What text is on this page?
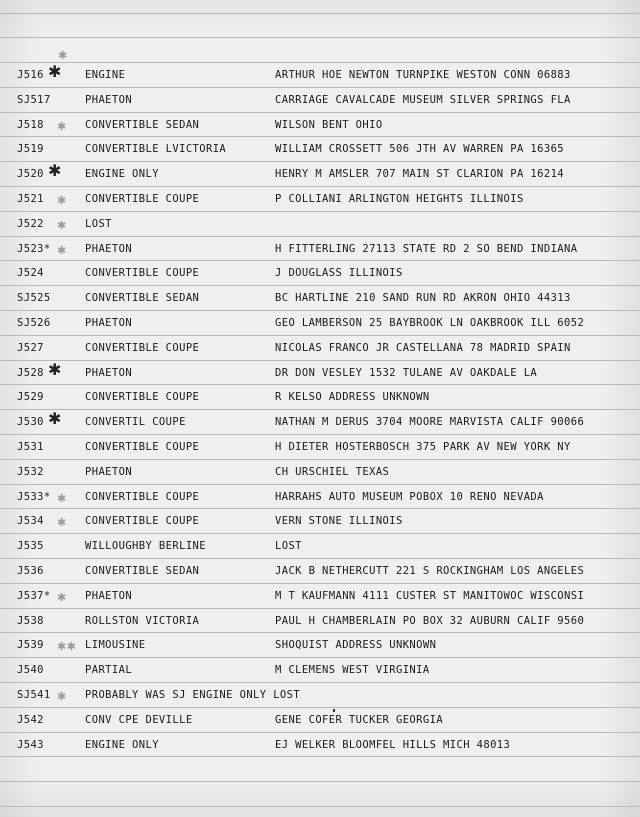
✱
J516 ✱ ENGINE	ARTHUR HOE NEWTON TURNPIKE WESTON CONN 06883
SJ517	PHAETON	CARRIAGE CAVALCADE MUSEUM SILVER SPRINGS FLA
J518	✱ CONVERTIBLE SEDAN	WILSON BENT OHIO
J519	CONVERTIBLE LVICTORIA	WILLIAM CROSSETT 506 JTH AV WARREN PA 16365
J520 ✱ ENGINE ONLY	HENRY M AMSLER 707 MAIN ST CLARION PA 16214
J521	✱ CONVERTIBLE COUPE	P COLLIANI ARLINGTON HEIGHTS ILLINOIS
J522	✱ LOST
J523* ✱ PHAETON	H FITTERLING 27113 STATE RD 2 SO BEND INDIANA
J524	CONVERTIBLE COUPE	J DOUGLASS ILLINOIS
SJ525	CONVERTIBLE SEDAN	BC HARTLINE 210 SAND RUN RD AKRON OHIO 44313
SJ526	PHAETON	GEO LAMBERSON 25 BAYBROOK LN OAKBROOK ILL 6052
J527	CONVERTIBLE COUPE	NICOLAS FRANCO JR CASTELLANA 78 MADRID SPAIN
J528 ✱ PHAETON	DR DON VESLEY 1532 TULANE AV OAKDALE LA
J529	CONVERTIBLE COUPE	R KELSO ADDRESS UNKNOWN
J530 ✱ CONVERTIL COUPE	NATHAN M DERUS 3704 MOORE MARVISTA CALIF 90066
J531	CONVERTIBLE COUPE	H DIETER HOSTERBOSCH 375 PARK AV NEW YORK NY
J532	PHAETON	CH URSCHIEL TEXAS
J533* ✱ CONVERTIBLE COUPE	HARRAHS AUTO MUSEUM POBOX 10 RENO NEVADA
J534	✱ CONVERTIBLE COUPE	VERN STONE ILLINOIS
J535	WILLOUGHBY BERLINE	LOST
J536	CONVERTIBLE SEDAN	JACK B NETHERCUTT 221 S ROCKINGHAM LOS ANGELES
J537* ✱ PHAETON	M T KAUFMANN 4111 CUSTER ST MANITOWOC WISCONSI
J538	ROLLSTON VICTORIA	PAUL H CHAMBERLAIN PO BOX 32 AUBURN CALIF 9560
J539	✱✱ LIMOUSINE	SHOQUIST ADDRESS UNKNOWN
J540	PARTIAL	M CLEMENS WEST VIRGINIA
SJ541 ✱ PROBABLY WAS SJ ENGINE ONLY LOST
J542	CONV CPE DEVILLE	GENE COFER TUCKER GEORGIA
J543	ENGINE ONLY	EJ WELKER BLOOMFEL HILLS MICH 48013
